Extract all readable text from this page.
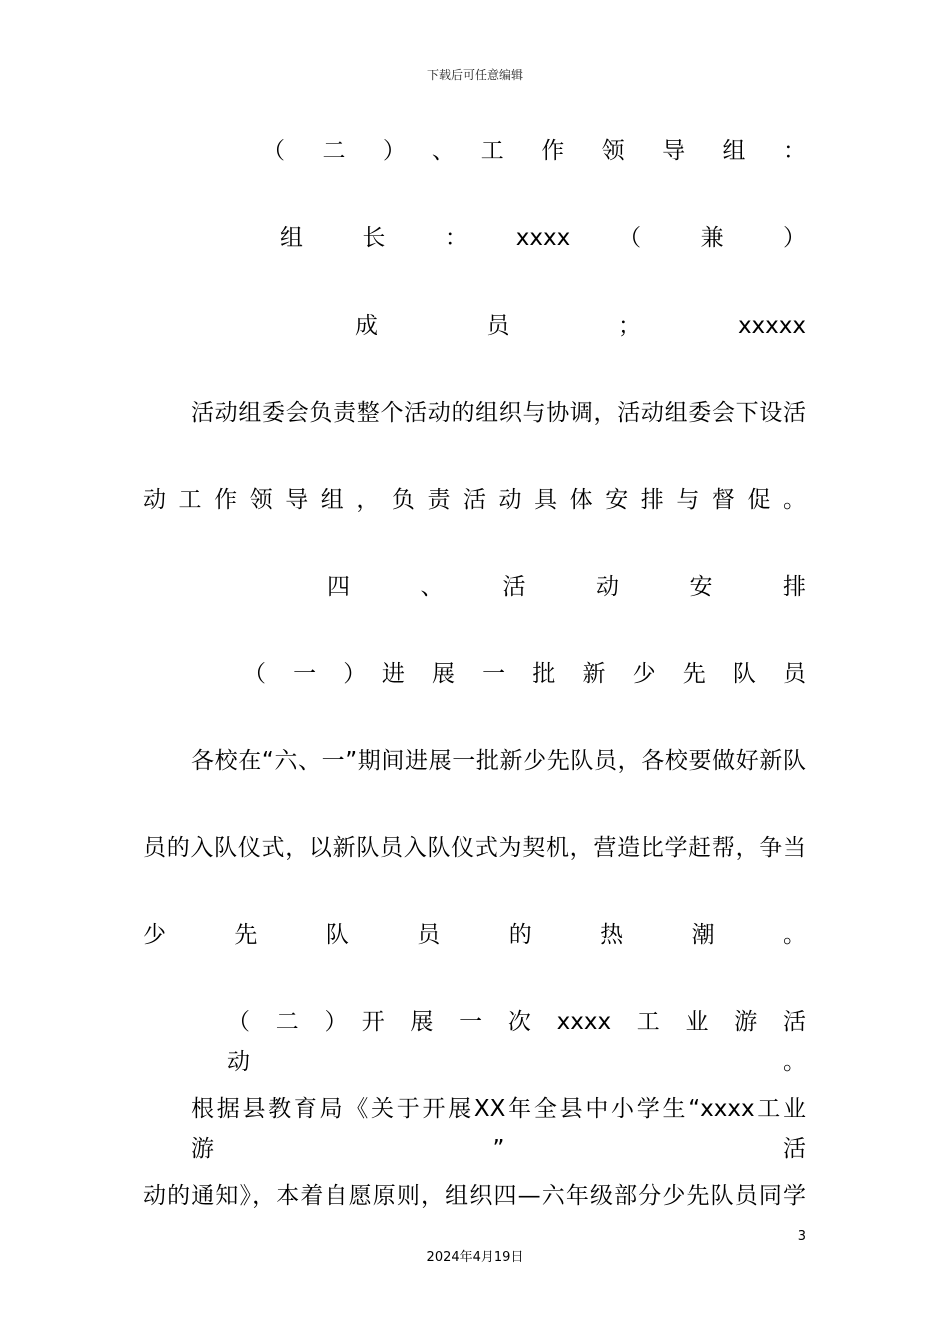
下载后可任意编辑
（　二　）　、　工　作　领　导　组　：
组　长　：　xxxx　（　兼　）
成　员　；　xxxxx
活动组委会负责整个活动的组织与协调，活动组委会下设活
动工作领导组，负责活动具体安排与督促。
四　、　活　动　安　排
（　一　）　进　展　一　批　新　少　先　队　员
各校在“六、一”期间进展一批新少先队员，各校要做好新队
员的入队仪式，以新队员入队仪式为契机，营造比学赶帮，争当
少　先　队　员　的　热　潮　。
（　二　）　开　展　一　次　xxxx　工　业　游　活　动　。
根据县教育局《关于开展XX年全县中小学生“xxxx工业游”活
动的通知》，本着自愿原则，组织四—六年级部分少先队员同学
3
2024年4月19日
